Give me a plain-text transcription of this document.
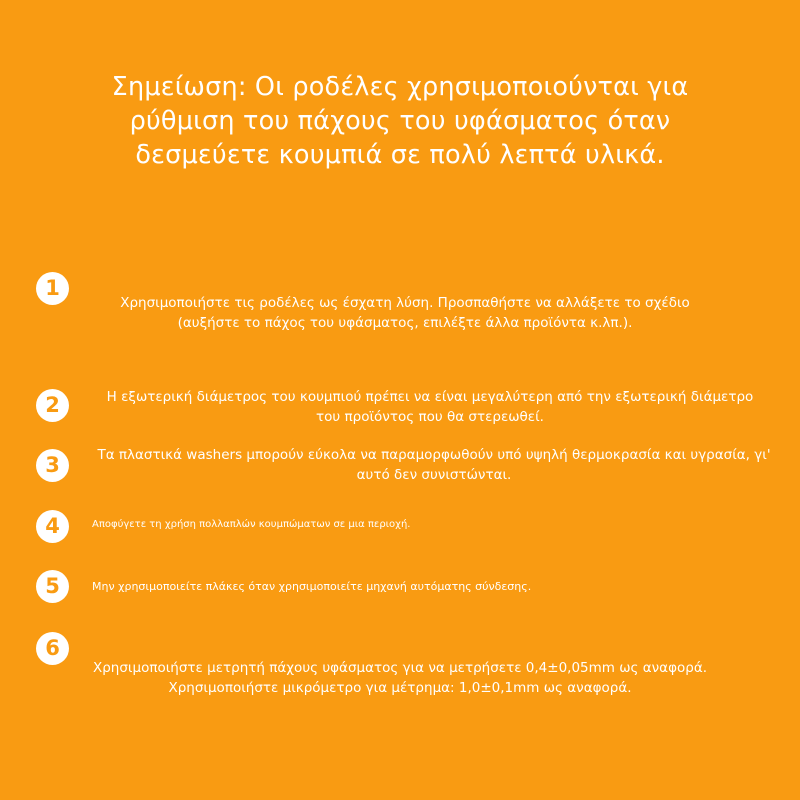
Σημείωση: Οι ροδέλες χρησιμοποιούνται για ρύθμιση του πάχους του υφάσματος όταν δεσμεύετε κουμπιά σε πολύ λεπτά υλικά.
1

Χρησιμοποιήστε τις ροδέλες ως έσχατη λύση. Προσπαθήστε να αλλάξετε το σχέδιο (αυξήστε το πάχος του υφάσματος, επιλέξτε άλλα προϊόντα κ.λπ.).

2	Η εξωτερική διάμετρος του κουμπιού πρέπει να είναι μεγαλύτερη από την εξωτερική διάμετρο του προϊόντος που θα στερεωθεί.

3	Τα πλαστικά washers μπορούν εύκολα να παραμορφωθούν υπό υψηλή θερμοκρασία και υγρασία, γι' αυτό δεν συνιστώνται.

4	Αποφύγετε τη χρήση πολλαπλών κουμπώματων σε μια περιοχή.

5	Μην χρησιμοποιείτε πλάκες όταν χρησιμοποιείτε μηχανή αυτόματης σύνδεσης.

6

Χρησιμοποιήστε μετρητή πάχους υφάσματος για να μετρήσετε 0,4±0,05mm ως αναφορά. Χρησιμοποιήστε μικρόμετρο για μέτρημα: 1,0±0,1mm ως αναφορά.
